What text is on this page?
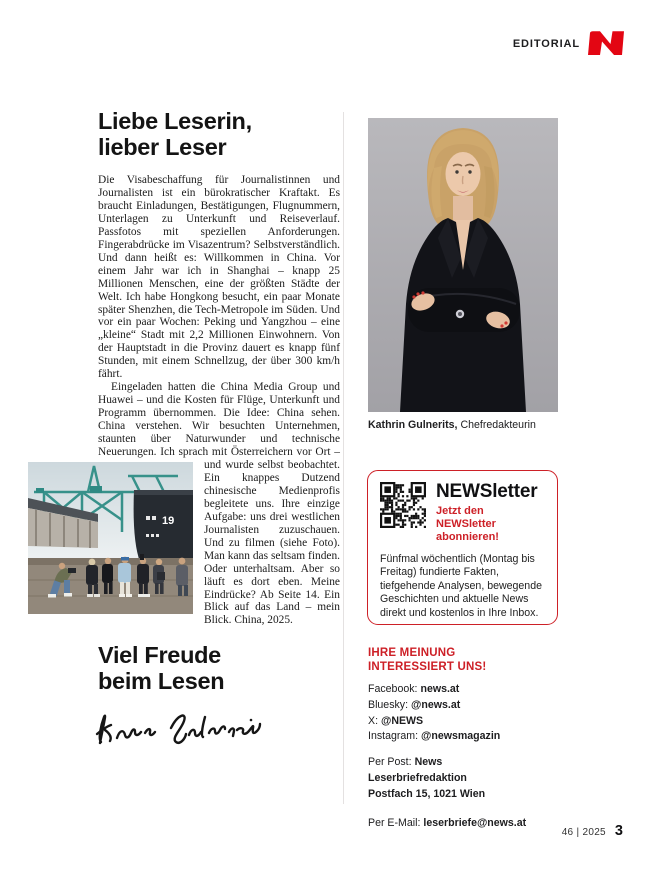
EDITORIAL
Liebe Leserin,
lieber Leser

Die Visabeschaffung für Journalistinnen und Journalisten ist ein bürokratischer Kraftakt. Es braucht Einladungen, Bestätigungen, Flugnummern, Unterlagen zu Unterkunft und Reiseverlauf. Passfotos mit speziellen Anforderungen. Fingerabdrücke im Visazentrum? Selbstverständlich. Und dann heißt es: Willkommen in China. Vor einem Jahr war ich in Shanghai – knapp 25 Millionen Menschen, eine der größten Städte der Welt. Ich habe Hongkong besucht, ein paar Monate später Shenzhen, die Tech-Metropole im Süden. Und vor ein paar Wochen: Peking und Yangzhou – eine „kleine“ Stadt mit 2,2 Millionen Einwohnern. Von der Hauptstadt in die Provinz dauert es knapp fünf Stunden, mit einem Schnellzug, der über 300 km/h fährt.

Eingeladen hatten die China Media Group und Huawei – und die Kosten für Flüge, Unterkunft und Programm übernommen. Die Idee: China sehen. China verstehen. Wir besuchten Unternehmen, staunten über Naturwunder und technische Neuerungen. Ich sprach mit Österreichern vor Ort – und wurde selbst beobachtet.
19
Ein knappes Dutzend chinesische Medienprofis begleitete uns. Ihre einzige Aufgabe: uns drei westlichen Journalisten zuzuschauen. Und zu filmen (siehe Foto). Man kann das seltsam finden. Oder unterhaltsam. Aber so läuft es dort eben. Meine Eindrücke? Ab Seite 14. Ein Blick auf das Land – mein Blick. China, 2025.

Viel Freude
beim Lesen
Kathrin Gulnerits, Chefredakteurin
NEWSletter
Jetzt den NEWSletter
abonnieren!
Fünfmal wöchentlich (Montag bis Freitag) fundierte Fakten, tiefgehende Analysen, bewegende Geschichten und aktuelle News direkt und kostenlos in Ihre Inbox.
IHRE MEINUNG
INTERESSIERT UNS!
Facebook: news.at
Bluesky: @news.at
X: @NEWS
Instagram: @newsmagazin
Per Post: News
Leserbriefredaktion
Postfach 15, 1021 Wien
Per E-Mail: leserbriefe@news.at
46 | 2025 3
